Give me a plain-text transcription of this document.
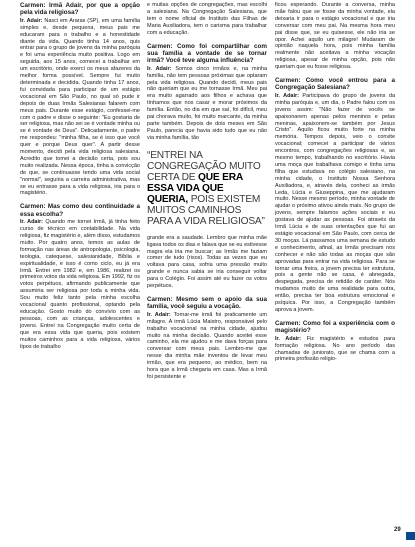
Carmen: Irmã Adair, por que a opção pela vida religiosa?

Ir. Adair: Nasci em Araras (SP), em uma família simples e, desde pequena, meus pais me educaram para o trabalho e a honestidade diante da vida. Quando tinha 14 anos, quis entrar para o grupo de jovens da minha paróquia e foi uma experiência muito positiva. Logo em seguida, aos 15 anos, comecei a trabalhar em um escritório, onde exerci os meus afazeres da melhor forma possível. Sempre fui muito determinada e decidida. Quando tinha 17 anos, fui convidada para participar de um estágio vocacional em São Paulo, no qual só pude ir depois de duas Irmãs Salesianas falarem com meus pais. Durante esse estágio, confessei-me com o padre e disse o seguinte: "Eu gostaria de ser religiosa, mas não sei se é vontade minha ou se é vontade de Deus". Delicadamente, o padre me respondeu: "minha filha, se é isso que você quer e porque Deus quer". A partir desse momento, decidi pela vida religiosa salesiana. Acredito que tomei a decisão certa, pois sou muito realizada. Nessa época, tinha a convicção de que, se continuasse tendo uma vida social "normal", seguiria a carreira administrativa, mas se eu entrasse para a vida religiosa, iria para o magistério.

Carmen: Mas como deu continuidade a essa escolha?

Ir. Adair: Quando me tornei Irmã, já tinha feito curso de técnico em contabilidade. Na vida religiosa, fiz magistério e, além disso, estudamos muito. Por quatro anos, temos as aulas de formação nas áreas de antropologia, psicologia, teologia, catequese, salesianidade, Bíblia e espiritualidade, e isso é como ciclo, eu já era Irmã. Entrei em 1982 e, em 1986, realizei os primeiros votos da vida religiosa. Em 1992, fiz os votos perpétuos, afirmando publicamente que assumiria ser religiosa por toda a minha vida. Sou muito feliz tanto pela minha escolha vocacional quanto profissional, optando pela educação. Gosto muito do convívio com as pessoas, com as crianças, adolescentes e jovens. Entrei na Congregação muito certa de que era essa vida que queria, pois existem muitos caminhos para a vida religiosa, vários tipos de trabalho

e muitas opções de congregações, mas escolhi a salesiana. Na Congregação Salesiana, que tem o nome oficial de Instituto das Filhas de Maria Auxiliadora, tem o carisma para trabalhar com a educação.

Carmen: Como foi compartilhar com sua família a vontade de se tornar irmã? Você teve alguma influência?

Ir. Adair: Somos cinco irmãos e, na minha família, não tem pessoas próximas que optaram pela vida religiosa. Quando decidi, meus pais não queriam que eu me tornasse Irmã. Meu pai era muito agarrado aos filhos e achava que tínhamos que nos casar e morar próximos da família. Então, no dia em que saí, foi difícil, meu pai chorava muito, foi muito marcante, da minha parte também. Depois de dois meses em São Paulo, parecia que havia sido tudo que eu não via minha família, tão

“ENTREI NA CONGREGAÇÃO MUITO CERTA DE QUE ERA ESSA VIDA QUE QUERIA, POIS EXISTEM MUITOS CAMINHOS PARA A VIDA RELIGIOSA”

grande era a saudade. Lembro que minha mãe ligava todos os dias e falava que se eu estivesse magra ela iria me buscar; as Irmãs me faziam comer de tudo (risos). Todas as vezes que eu voltava para casa, sofria uma pressão muito grande e nunca sabia se iria conseguir voltar para o Colégio. Foi assim até eu fazer os votos perpétuos.

Carmen: Mesmo sem o apoio da sua família, você seguiu a vocação.

Ir. Adair: Tornar-me irmã foi praticamente um milagre. A irmã Lúcia Maistro, responsável pelo trabalho vocacional na minha cidade, ajudou muito na minha decisão. Quando aceitei esse caminho, ela me ajudou e me dava forças para conversar com meus pais. Lembro-me que nesse dia minha mãe inventou de levar meu irmão, que era pequeno, ao médico, bem na hora que a Irmã chegaria em casa. Mas a Irmã foi persistente e

ficou esperando. Durante a conversa, minha mãe falou que se fosse da minha vontade, ela deixaria ir para o estágio vocacional e que iria conversar com meu pai. Na mesma hora meu pai disse que, se eu quisesse, ele não iria se opor. Achei aquilo um milagre! Mudaram de opinião naquela hora, pois minha família realmente não aceitava a minha vocação religiosa, apesar de minha opção, pois não queriam que eu fosse religiosa.

Carmen: Como você entrou para a Congregação Salesiana?

Ir. Adair: Participava do grupo de jovens da minha paróquia e, um dia, o Padre falou com os jovens assim: "Não fazer de vocês se apaixonarem apenas pelos meninos e pelas meninas, apaixonem-se também por Jesus Cristo". Aquilo ficou muito forte na minha memória. Tempos depois, veio o convite vocacional; comecei a participar de vários encontros, com congregações religiosas e, ao mesmo tempo, trabalhando no escritório. Havia uma moça que trabalhava comigo e tinha uma filha que estudava no colégio salesiano, na minha cidade, o Instituto Nossa Senhora Auxiliadora, e, através dela, conheci as irmãs Leda, Lúcia e Giuseppina, que me ajudaram muito. Nesse mesmo período, minha vontade de ajudar o próximo ativou ainda mais. No grupo de jovens, sempre falamos ações sociais e eu gostava de ajudar as pessoas. Foi através da Irmã Lúcia e de suas orientações que fui ao estágio vocacional em São Paulo, com cerca de 30 moças. Lá passamos uma semana de estudo e conhecimento, afinal, as Irmãs precisam nos conhecer e não são todas as moças que são aprovadas para entrar na vida religiosa. Para se tornar uma freira, a jovem precisa ter estrutura, pois a gente não se casa, é abnegada, despegada, precisa de retidão de caráter. Nós mudamos muito de uma realidade para outra, então, precisa ter boa estrutura emocional e psíquica. Por isso, a Congregação também aprova a jovem.

Carmen: Como foi a experiência com o magistério?

Ir. Adair: Fiz magistério e estudos para formação religiosa. No ano período das chamadas de juniorato, que se chama com a primeira profissão religio-

29
